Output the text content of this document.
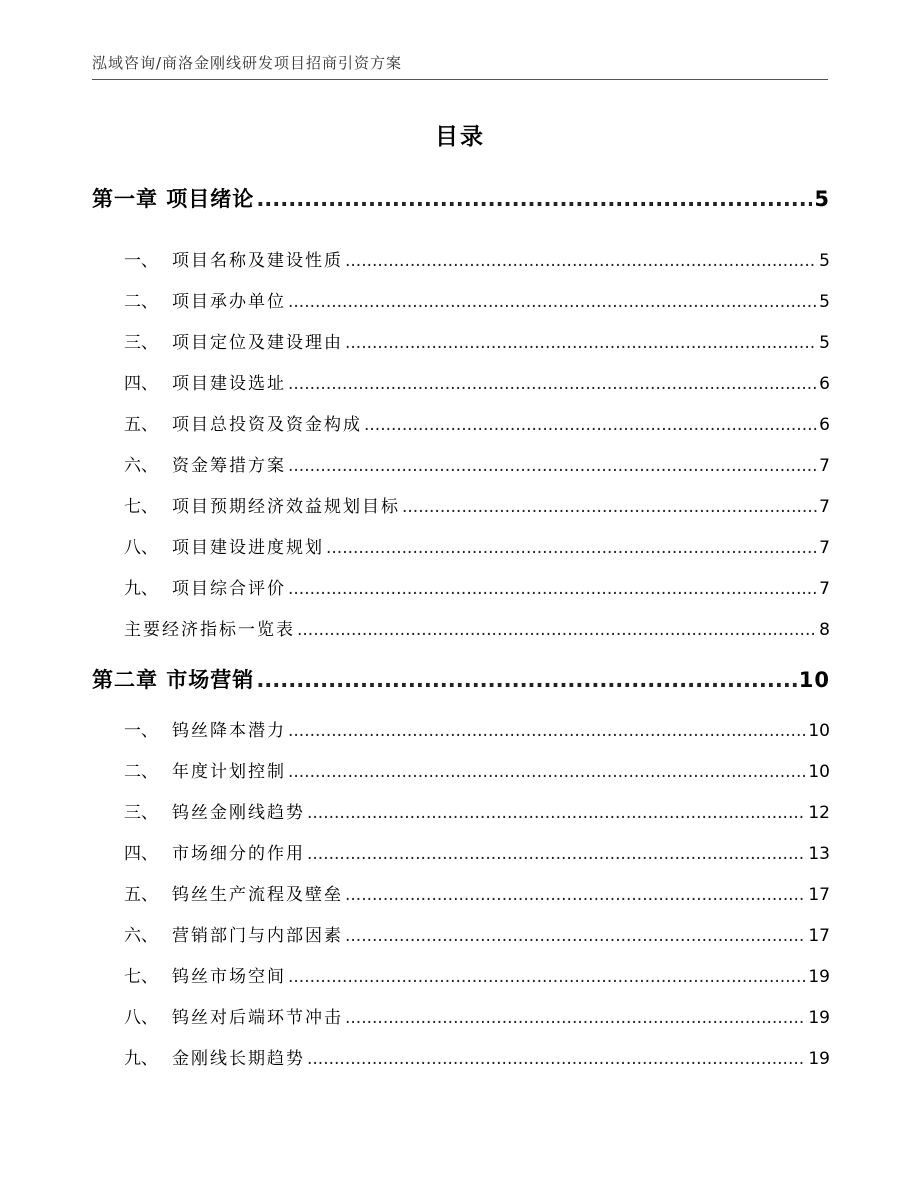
泓域咨询/商洛金刚线研发项目招商引资方案
目录
第一章 项目绪论 .....	5
一、 项目名称及建设性质 .....	5
二、 项目承办单位 .....	5
三、 项目定位及建设理由 .....	5
四、 项目建设选址 .....	6
五、 项目总投资及资金构成 .....	6
六、 资金筹措方案 .....	7
七、 项目预期经济效益规划目标 .....	7
八、 项目建设进度规划 .....	7
九、 项目综合评价 .....	7
主要经济指标一览表 .....	8
第二章 市场营销 .....	10
一、 钨丝降本潜力 .....	10
二、 年度计划控制 .....	10
三、 钨丝金刚线趋势 .....	12
四、 市场细分的作用 .....	13
五、 钨丝生产流程及壁垒 .....	17
六、 营销部门与内部因素 .....	17
七、 钨丝市场空间 .....	19
八、 钨丝对后端环节冲击 .....	19
九、 金刚线长期趋势 .....	19
